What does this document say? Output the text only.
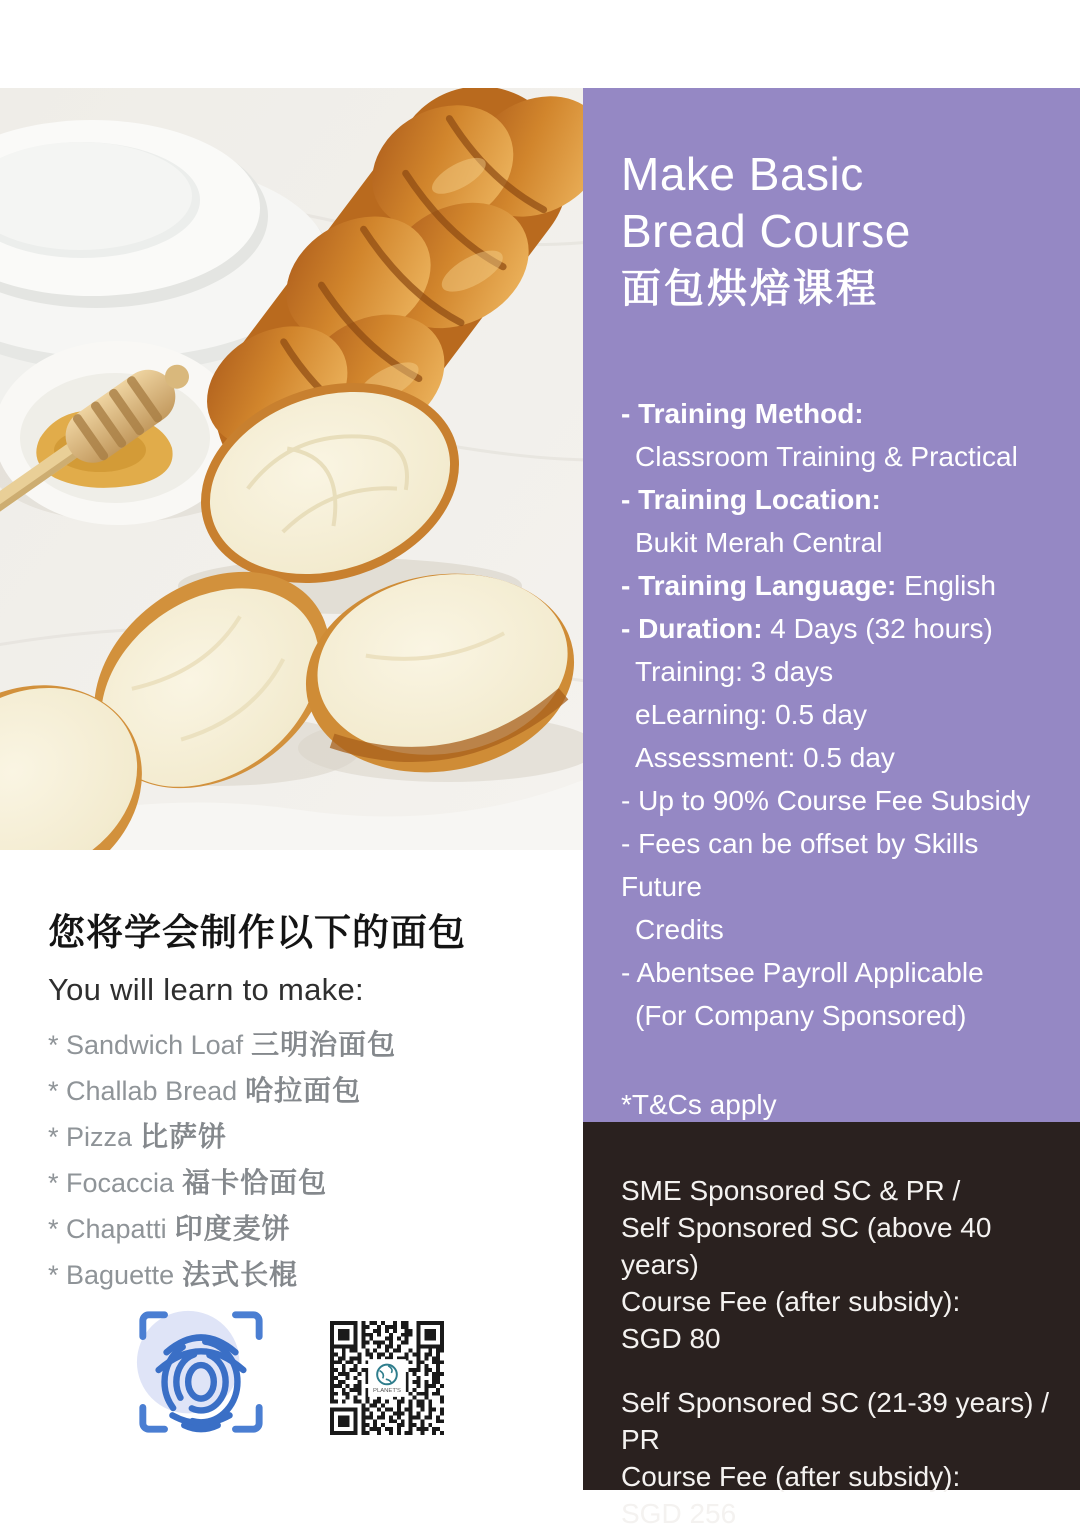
Make Basic
Bread Course
面包烘焙课程
- Training Method:
Classroom Training & Practical
- Training Location:
Bukit Merah Central
- Training Language: English
- Duration: 4 Days (32 hours)
Training: 3 days
eLearning: 0.5 day
Assessment: 0.5 day
- Up to 90% Course Fee Subsidy
- Fees can be offset by Skills Future
Credits
- Abentsee Payroll Applicable
(For Company Sponsored)
*T&Cs apply
SME Sponsored SC & PR /
Self Sponsored SC (above 40 years)
Course Fee (after subsidy):
SGD 80
Self Sponsored SC (21-39 years) / PR
Course Fee (after subsidy):
SGD 256
您将学会制作以下的面包
You will learn to make:
* Sandwich Loaf 三明治面包
* Challab Bread 哈拉面包
* Pizza 比萨饼
* Focaccia 福卡恰面包
* Chapatti 印度麦饼
* Baguette 法式长棍
PLANET'S
